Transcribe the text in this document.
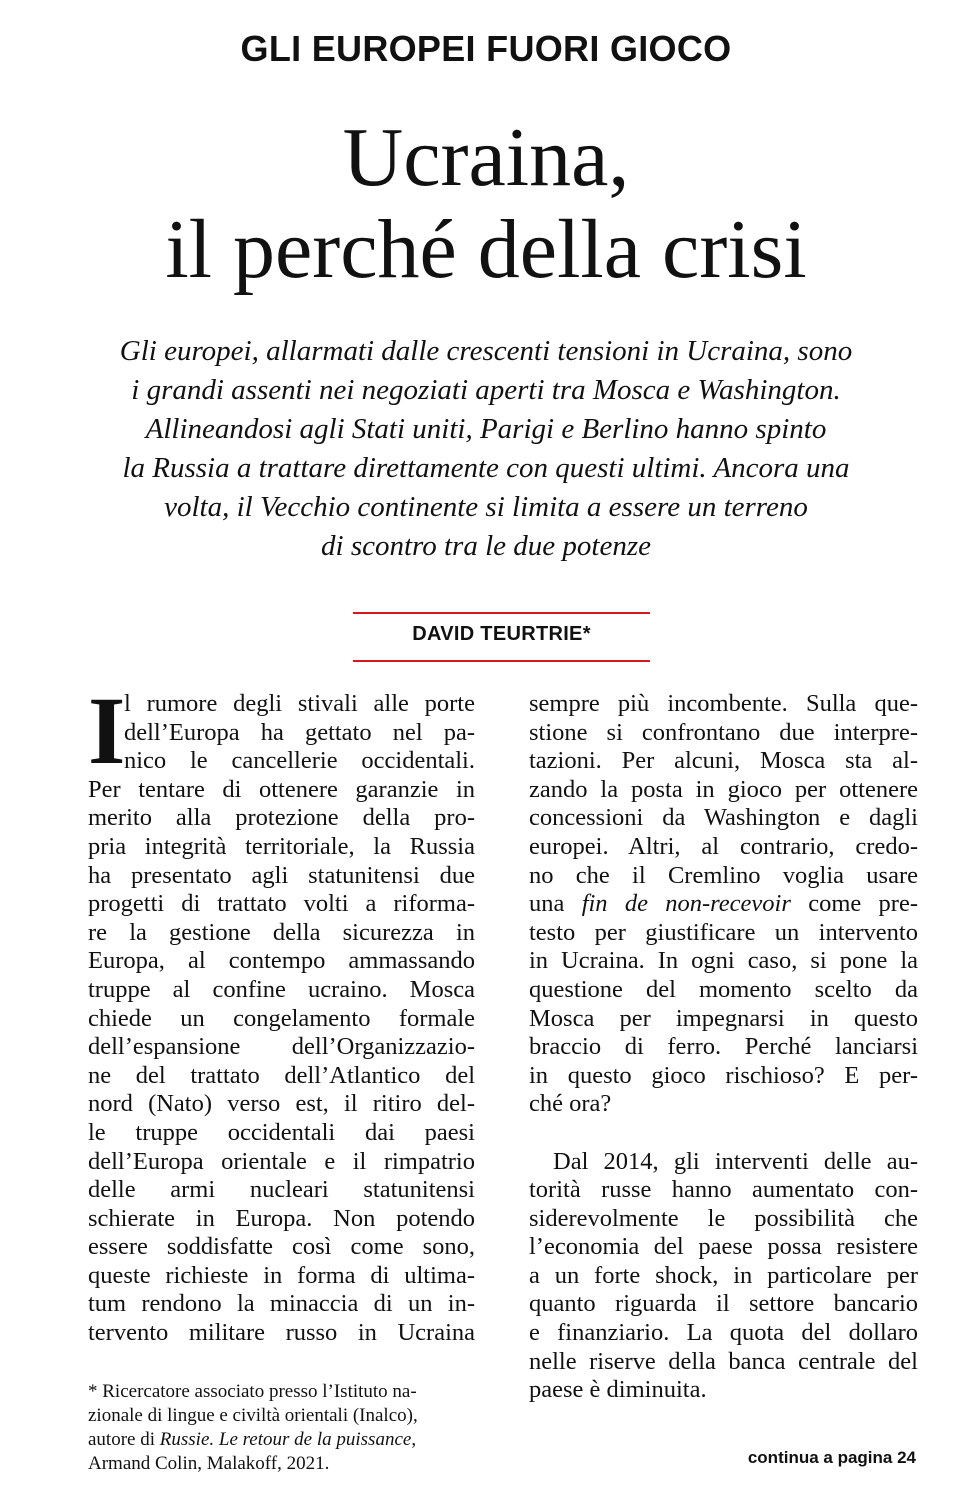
GLI EUROPEI FUORI GIOCO
Ucraina,
il perché della crisi
Gli europei, allarmati dalle crescenti tensioni in Ucraina, sono
i grandi assenti nei negoziati aperti tra Mosca e Washington.
Allineandosi agli Stati uniti, Parigi e Berlino hanno spinto
la Russia a trattare direttamente con questi ultimi. Ancora una
volta, il Vecchio continente si limita a essere un terreno
di scontro tra le due potenze
DAVID TEURTRIE*
I
l rumore degli stivali alle porte
dell’Europa ha gettato nel pa-
nico le cancellerie occidentali.
Per tentare di ottenere garanzie in
merito alla protezione della pro-
pria integrità territoriale, la Russia
ha presentato agli statunitensi due
progetti di trattato volti a riforma-
re la gestione della sicurezza in
Europa, al contempo ammassando
truppe al confine ucraino. Mosca
chiede un congelamento formale
dell’espansione dell’Organizzazio-
ne del trattato dell’Atlantico del
nord (Nato) verso est, il ritiro del-
le truppe occidentali dai paesi
dell’Europa orientale e il rimpatrio
delle armi nucleari statunitensi
schierate in Europa. Non potendo
essere soddisfatte così come sono,
queste richieste in forma di ultima-
tum rendono la minaccia di un in-
tervento militare russo in Ucraina
sempre più incombente. Sulla que-
stione si confrontano due interpre-
tazioni. Per alcuni, Mosca sta al-
zando la posta in gioco per ottenere
concessioni da Washington e dagli
europei. Altri, al contrario, credo-
no che il Cremlino voglia usare
una fin de non-recevoir come pre-
testo per giustificare un intervento
in Ucraina. In ogni caso, si pone la
questione del momento scelto da
Mosca per impegnarsi in questo
braccio di ferro. Perché lanciarsi
in questo gioco rischioso? E per-
ché ora?
Dal 2014, gli interventi delle au-
torità russe hanno aumentato con-
siderevolmente le possibilità che
l’economia del paese possa resistere
a un forte shock, in particolare per
quanto riguarda il settore bancario
e finanziario. La quota del dollaro
nelle riserve della banca centrale del
paese è diminuita.
* Ricercatore associato presso l’Istituto na-
zionale di lingue e civiltà orientali (Inalco),
autore di Russie. Le retour de la puissance,
Armand Colin, Malakoff, 2021.	continua a pagina 24
